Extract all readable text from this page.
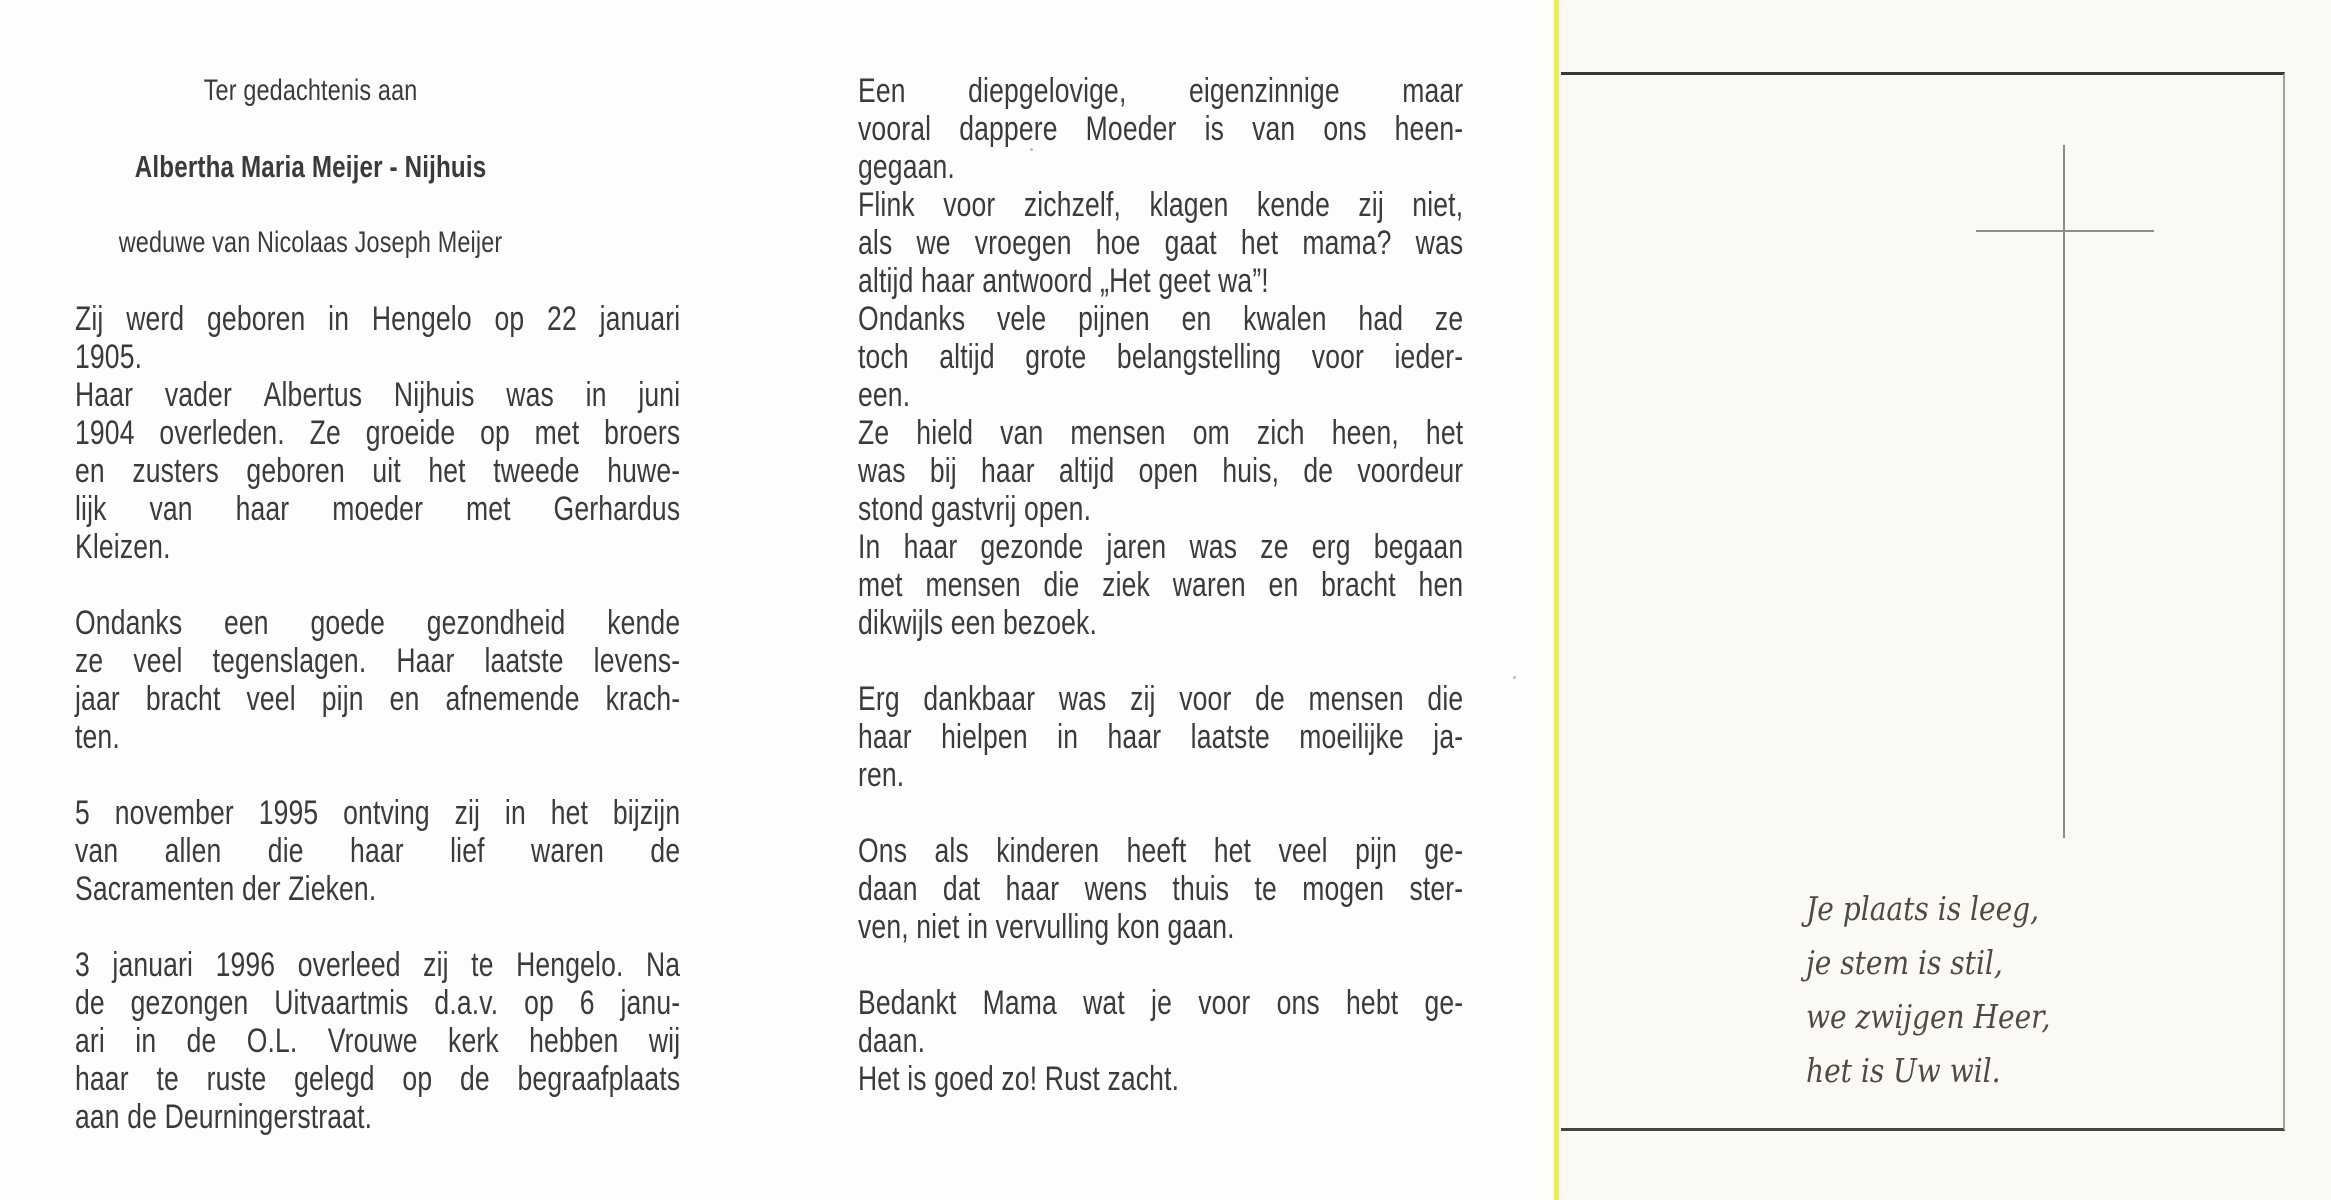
Ter gedachtenis aan
Albertha Maria Meijer - Nijhuis
weduwe van Nicolaas Joseph Meijer
Zij werd geboren in Hengelo op 22 januari
1905.
Haar vader Albertus Nijhuis was in juni
1904 overleden. Ze groeide op met broers
en zusters geboren uit het tweede huwe-
lijk van haar moeder met Gerhardus
Kleizen.
Ondanks een goede gezondheid kende
ze veel tegenslagen. Haar laatste levens-
jaar bracht veel pijn en afnemende krach-
ten.
5 november 1995 ontving zij in het bijzijn
van allen die haar lief waren de
Sacramenten der Zieken.
3 januari 1996 overleed zij te Hengelo. Na
de gezongen Uitvaartmis d.a.v. op 6 janu-
ari in de O.L. Vrouwe kerk hebben wij
haar te ruste gelegd op de begraafplaats
aan de Deurningerstraat.
Een diepgelovige, eigenzinnige maar
vooral dappere Moeder is van ons heen-
gegaan.
Flink voor zichzelf, klagen kende zij niet,
als we vroegen hoe gaat het mama? was
altijd haar antwoord „Het geet wa”!
Ondanks vele pijnen en kwalen had ze
toch altijd grote belangstelling voor ieder-
een.
Ze hield van mensen om zich heen, het
was bij haar altijd open huis, de voordeur
stond gastvrij open.
In haar gezonde jaren was ze erg begaan
met mensen die ziek waren en bracht hen
dikwijls een bezoek.
Erg dankbaar was zij voor de mensen die
haar hielpen in haar laatste moeilijke ja-
ren.
Ons als kinderen heeft het veel pijn ge-
daan dat haar wens thuis te mogen ster-
ven, niet in vervulling kon gaan.
Bedankt Mama wat je voor ons hebt ge-
daan.
Het is goed zo! Rust zacht.
Je plaats is leeg,
je stem is stil,
we zwijgen Heer,
het is Uw wil.
